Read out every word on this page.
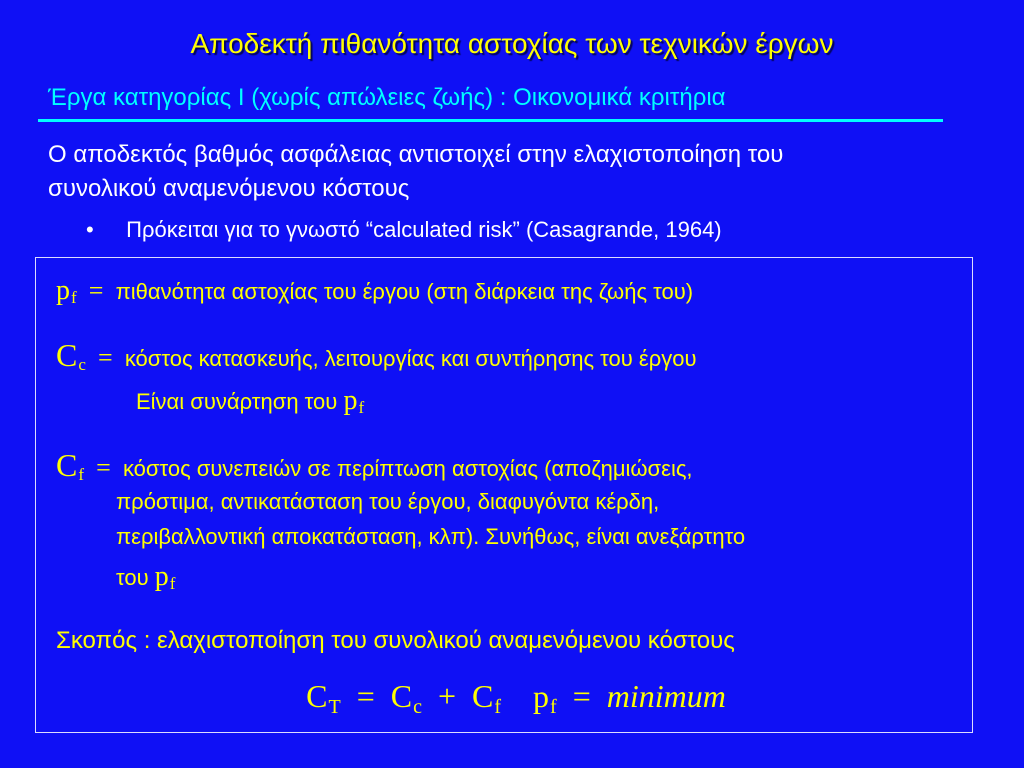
Αποδεκτή πιθανότητα αστοχίας των τεχνικών έργων
Έργα κατηγορίας Ι (χωρίς απώλειες ζωής) : Οικονομικά κριτήρια
Ο αποδεκτός βαθμός ασφάλειας αντιστοιχεί στην ελαχιστοποίηση του
συνολικού αναμενόμενου κόστους
• Πρόκειται για το γνωστό “calculated risk” (Casagrande, 1964)
pf = πιθανότητα αστοχίας του έργου (στη διάρκεια της ζωής του)
Cc = κόστος κατασκευής, λειτουργίας και συντήρησης του έργου
Είναι συνάρτηση του pf
Cf = κόστος συνεπειών σε περίπτωση αστοχίας (αποζημιώσεις,
πρόστιμα, αντικατάσταση του έργου, διαφυγόντα κέρδη,
περιβαλλοντική αποκατάσταση, κλπ). Συνήθως, είναι ανεξάρτητο
του pf
Σκοπός : ελαχιστοποίηση του συνολικού αναμενόμενου κόστους
CT = Cc + Cf pf = minimum
